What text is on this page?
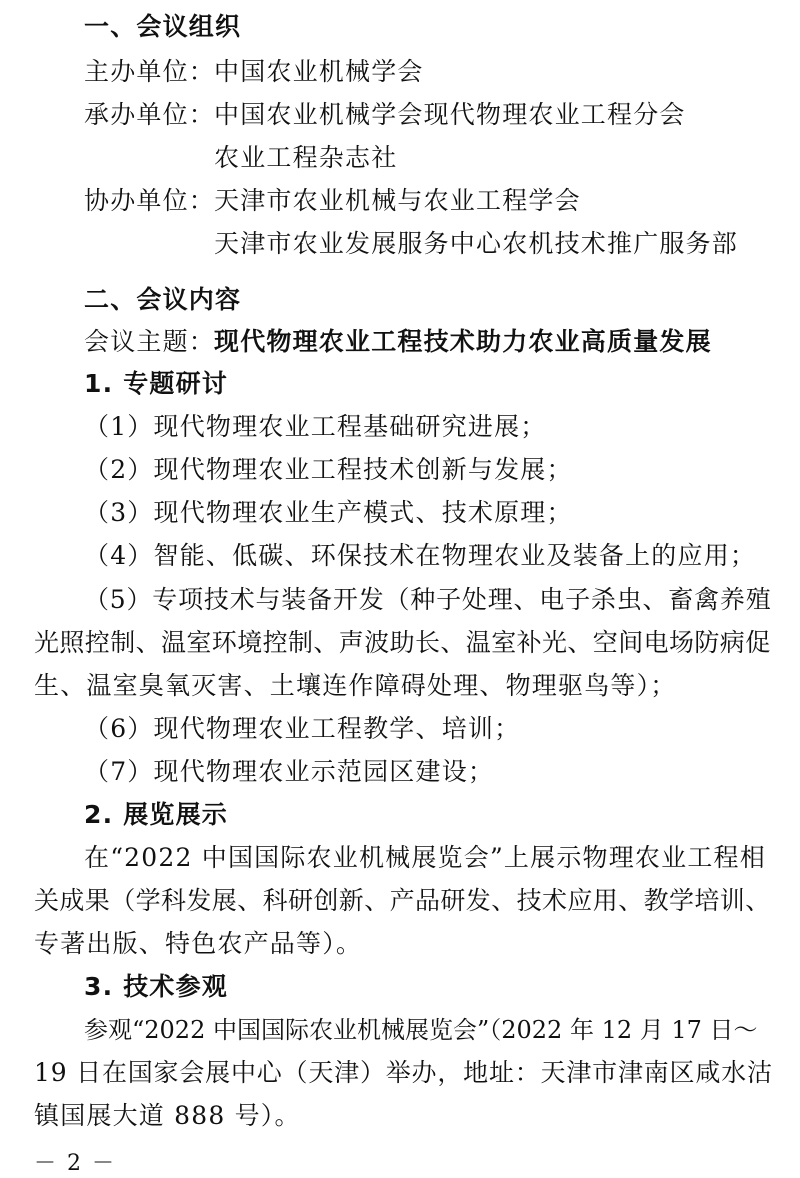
一、会议组织
主办单位：
中国农业机械学会
承办单位：
中国农业机械学会现代物理农业工程分会
农业工程杂志社
协办单位：
天津市农业机械与农业工程学会
天津市农业发展服务中心农机技术推广服务部
二、会议内容
会议主题：
现代物理农业工程技术助力农业高质量发展
1. 专题研讨
（1）现代物理农业工程基础研究进展；
（2）现代物理农业工程技术创新与发展；
（3）现代物理农业生产模式、技术原理；
（4）智能、低碳、环保技术在物理农业及装备上的应用；
（5）专项技术与装备开发（种子处理、电子杀虫、畜禽养殖
光照控制、温室环境控制、声波助长、温室补光、空间电场防病促
生、温室臭氧灭害、土壤连作障碍处理、物理驱鸟等）；
（6）现代物理农业工程教学、培训；
（7）现代物理农业示范园区建设；
2. 展览展示
在“2022 中国国际农业机械展览会”上展示物理农业工程相
关成果（学科发展、科研创新、产品研发、技术应用、教学培训、
专著出版、特色农产品等）。
3. 技术参观
参观“2022 中国国际农业机械展览会”（2022 年 12 月 17 日～
19 日在国家会展中心（天津）举办，地址：天津市津南区咸水沽
镇国展大道 888 号）。
－ 2 －
